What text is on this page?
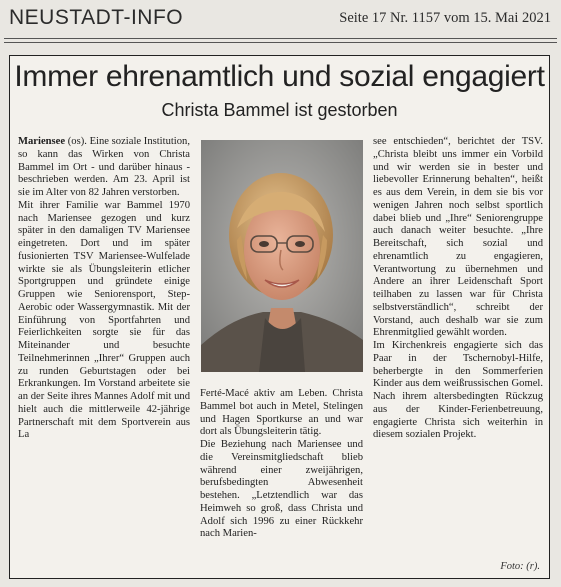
NEUSTADT-INFO	Seite 17 Nr. 1157 vom 15. Mai 2021
Immer ehrenamtlich und sozial engagiert
Christa Bammel ist gestorben

Mariensee (os). Eine soziale Institution, so kann das Wirken von Christa Bammel im Ort - und darüber hinaus - beschrieben werden. Am 23. April ist sie im Alter von 82 Jahren verstorben.

Mit ihrer Familie war Bammel 1970 nach Mariensee gezogen und kurz später in den damaligen TV Mariensee eingetreten. Dort und im später fusionierten TSV Mariensee-Wulfelade wirkte sie als Übungsleiterin etlicher Sportgruppen und gründete einige Gruppen wie Seniorensport, Step-Aerobic oder Wassergymnastik. Mit der Einführung von Sportfahrten und Feierlichkeiten sorgte sie für das Miteinander und besuchte Teilnehmerinnen „Ihrer“ Gruppen auch zu runden Geburtstagen oder bei Erkrankungen. Im Vorstand arbeitete sie an der Seite ihres Mannes Adolf mit und hielt auch die mittlerweile 42-jährige Partnerschaft mit dem Sportverein aus La

Ferté-Macé aktiv am Leben. Christa Bammel bot auch in Metel, Stelingen und Hagen Sportkurse an und war dort als Übungsleiterin tätig.

Die Beziehung nach Mariensee und die Vereinsmitgliedschaft blieb während einer zweijährigen, berufsbedingten Abwesenheit bestehen. „Letztendlich war das Heimweh so groß, dass Christa und Adolf sich 1996 zu einer Rückkehr nach Marien-

see entschieden“, berichtet der TSV. „Christa bleibt uns immer ein Vorbild und wir werden sie in bester und liebevoller Erinnerung behalten“, heißt es aus dem Verein, in dem sie bis vor wenigen Jahren noch selbst sportlich dabei blieb und „Ihre“ Seniorengruppe auch danach weiter besuchte. „Ihre Bereitschaft, sich sozial und ehrenamtlich zu engagieren, Verantwortung zu übernehmen und Andere an ihrer Leidenschaft Sport teilhaben zu lassen war für Christa selbstverständlich“, schreibt der Vorstand, auch deshalb war sie zum Ehrenmitglied gewählt worden.

Im Kirchenkreis engagierte sich das Paar in der Tschernobyl-Hilfe, beherbergte in den Sommerferien Kinder aus dem weißrussischen Gomel. Nach ihrem altersbedingten Rückzug aus der Kinder-Ferienbetreuung, engagierte Christa sich weiterhin in diesem sozialen Projekt.

Foto: (r).
